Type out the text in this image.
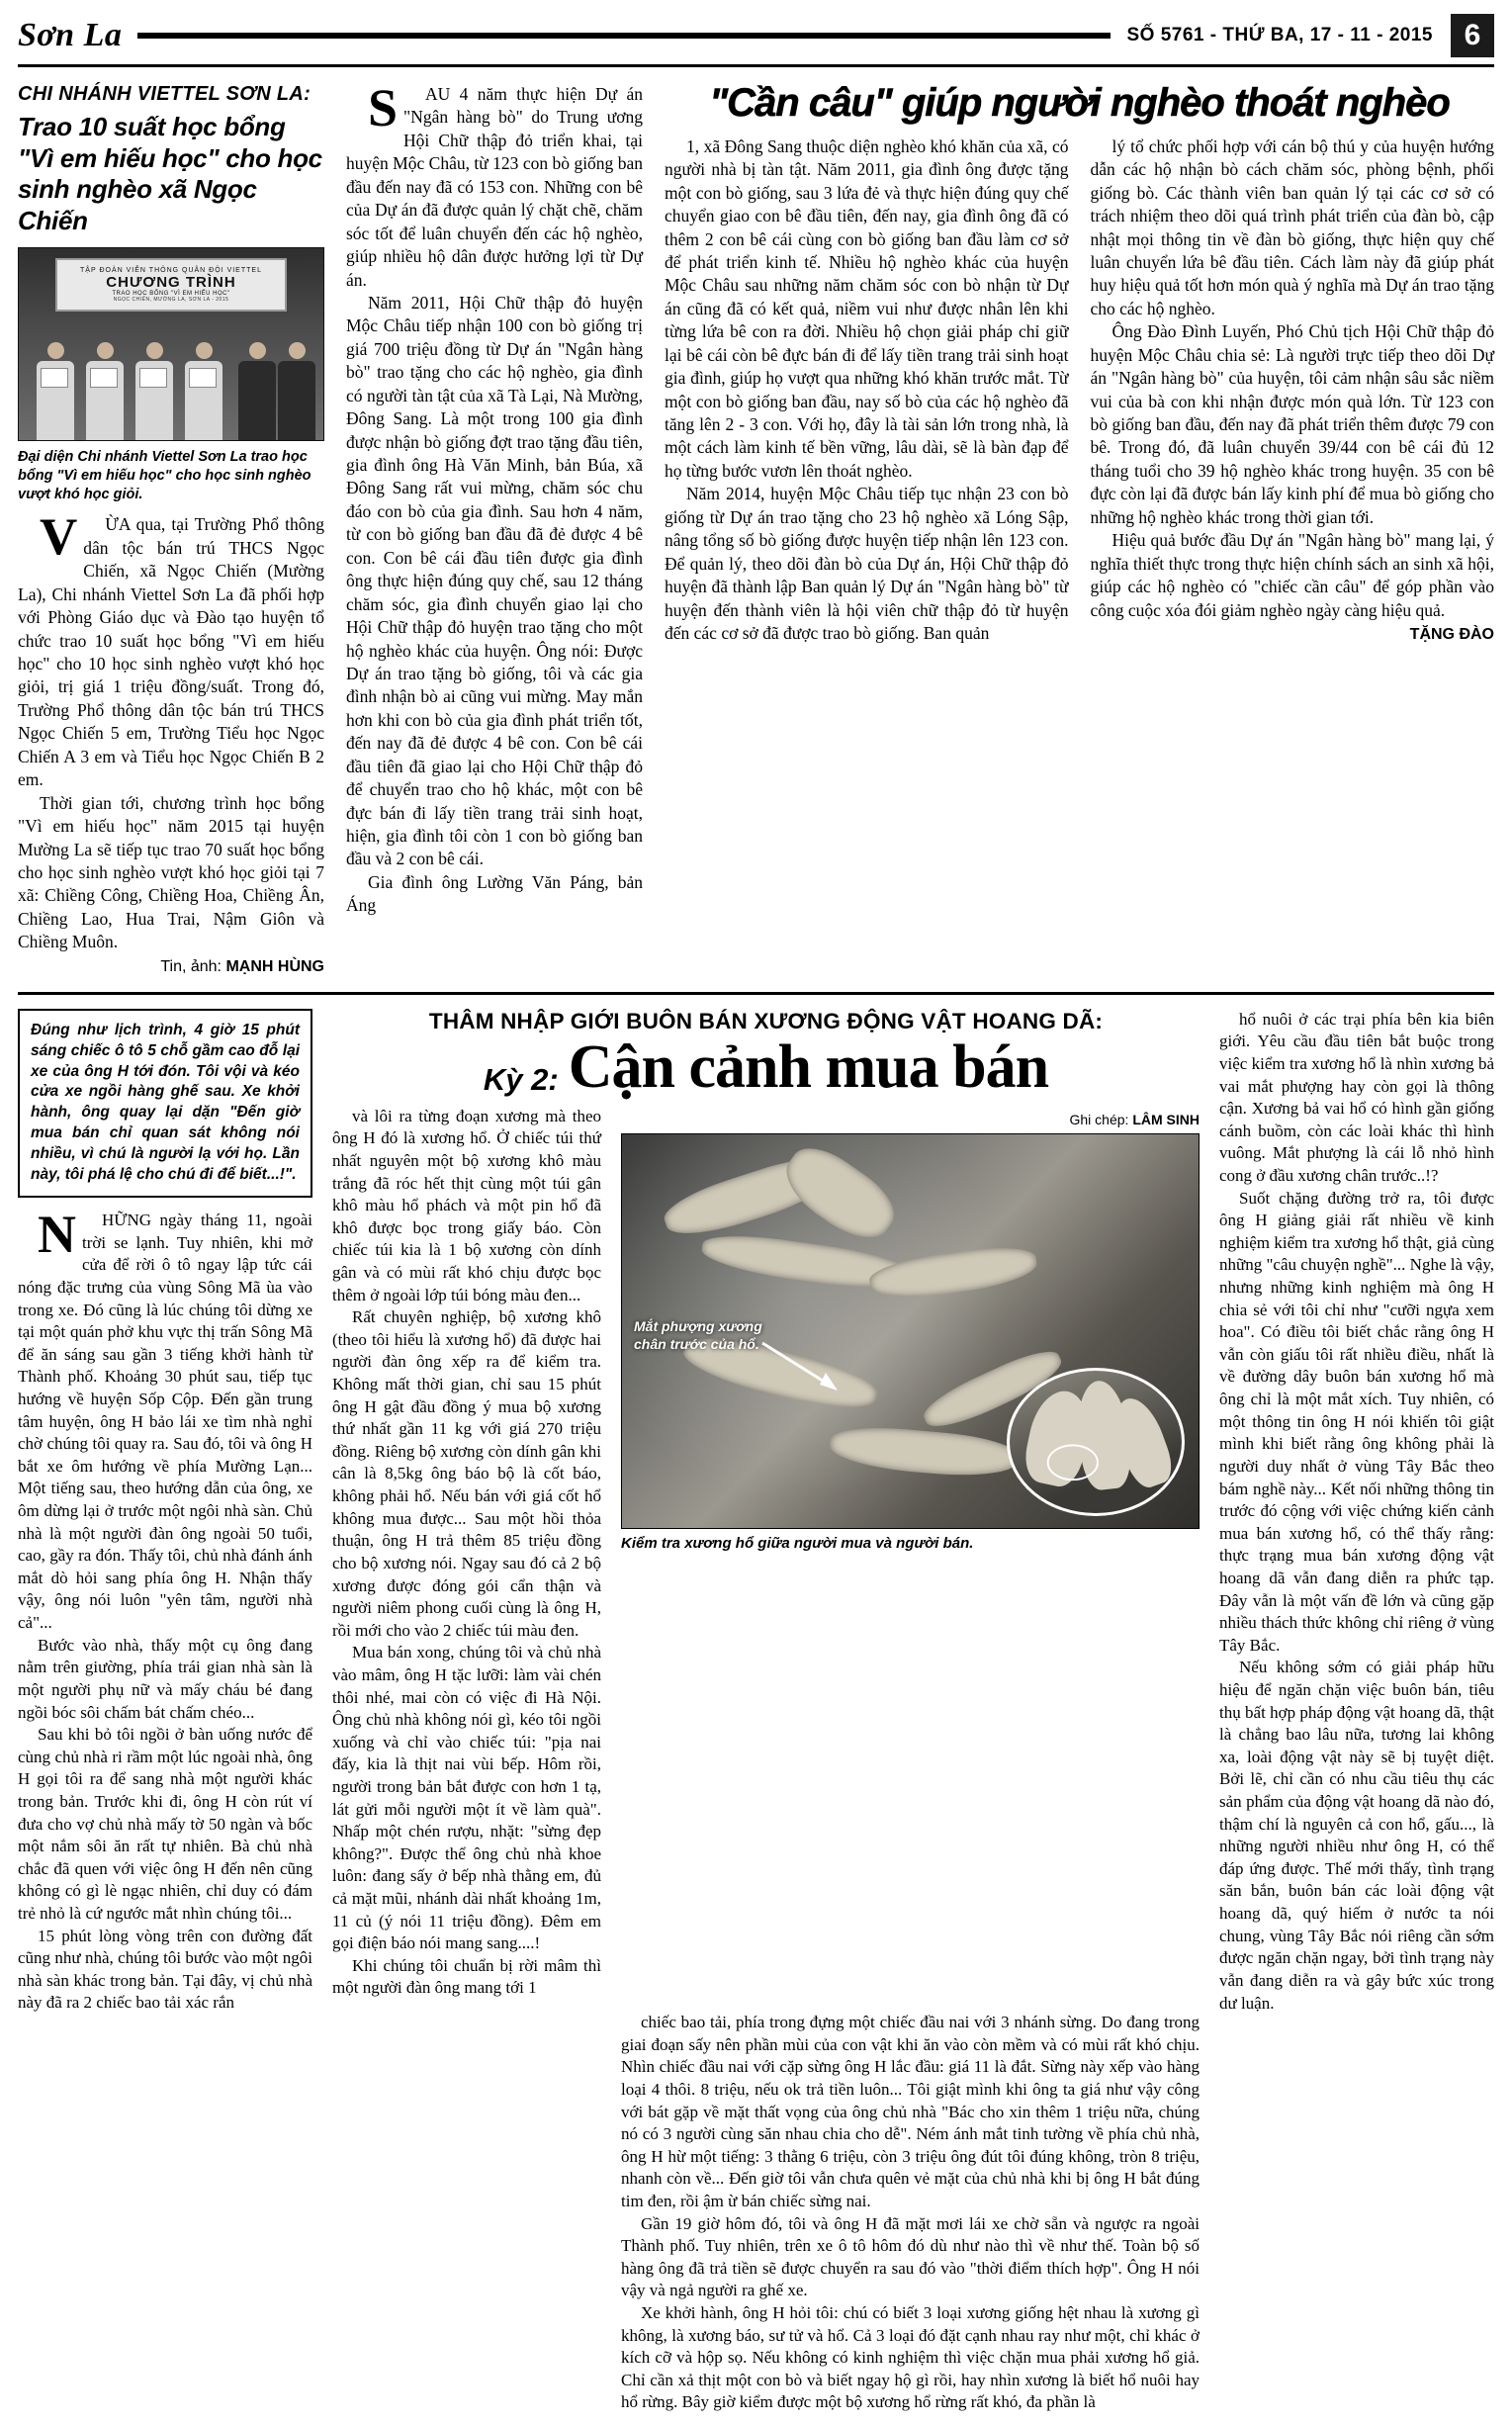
Sơn La	SỐ 5761 - THỨ BA, 17 - 11 - 2015	6
CHI NHÁNH VIETTEL SƠN LA:
Trao 10 suất học bổng "Vì em hiếu học" cho học sinh nghèo xã Ngọc Chiến
TẬP ĐOÀN VIỄN THÔNG QUÂN ĐỘI VIETTEL
CHƯƠNG TRÌNH
TRAO HỌC BỔNG "VÌ EM HIẾU HỌC"
NGỌC CHIẾN, MƯỜNG LA, SƠN LA - 2015
Đại diện Chi nhánh Viettel Sơn La trao học bổng "Vì em hiếu học" cho học sinh nghèo vượt khó học giỏi.

V	ỪA qua, tại Trường Phổ thông dân tộc bán trú THCS Ngọc Chiến, xã Ngọc Chiến (Mường La), Chi nhánh Viettel Sơn La đã phối hợp với Phòng Giáo dục và Đào tạo huyện tổ chức trao 10 suất học bổng "Vì em hiếu học" cho 10 học sinh nghèo vượt khó học giỏi, trị giá 1 triệu đồng/suất. Trong đó, Trường Phổ thông dân tộc bán trú THCS Ngọc Chiến 5 em, Trường Tiểu học Ngọc Chiến A 3 em và Tiểu học Ngọc Chiến B 2 em.

Thời gian tới, chương trình học bổng "Vì em hiếu học" năm 2015 tại huyện Mường La sẽ tiếp tục trao 70 suất học bổng cho học sinh nghèo vượt khó học giỏi tại 7 xã: Chiềng Công, Chiềng Hoa, Chiềng Ân, Chiềng Lao, Hua Trai, Nậm Giôn và Chiềng Muôn.

Tin, ảnh: MẠNH HÙNG

S	AU 4 năm thực hiện Dự án "Ngân hàng bò" do Trung ương Hội Chữ thập đỏ triển khai, tại huyện Mộc Châu, từ 123 con bò giống ban đầu đến nay đã có 153 con. Những con bê của Dự án đã được quản lý chặt chẽ, chăm sóc tốt để luân chuyển đến các hộ nghèo, giúp nhiều hộ dân được hưởng lợi từ Dự án.

Năm 2011, Hội Chữ thập đỏ huyện Mộc Châu tiếp nhận 100 con bò giống trị giá 700 triệu đồng từ Dự án "Ngân hàng bò" trao tặng cho các hộ nghèo, gia đình có người tàn tật của xã Tà Lại, Nà Mường, Đông Sang. Là một trong 100 gia đình được nhận bò giống đợt trao tặng đầu tiên, gia đình ông Hà Văn Minh, bản Búa, xã Đông Sang rất vui mừng, chăm sóc chu đáo con bò của gia đình. Sau hơn 4 năm, từ con bò giống ban đầu đã đẻ được 4 bê con. Con bê cái đầu tiên được gia đình ông thực hiện đúng quy chế, sau 12 tháng chăm sóc, gia đình chuyển giao lại cho Hội Chữ thập đỏ huyện trao tặng cho một hộ nghèo khác của huyện. Ông nói: Được Dự án trao tặng bò giống, tôi và các gia đình nhận bò ai cũng vui mừng. May mắn hơn khi con bò của gia đình phát triển tốt, đến nay đã đẻ được 4 bê con. Con bê cái đầu tiên đã giao lại cho Hội Chữ thập đỏ để chuyển trao cho hộ khác, một con bê đực bán đi lấy tiền trang trải sinh hoạt, hiện, gia đình tôi còn 1 con bò giống ban đầu và 2 con bê cái.

Gia đình ông Lường Văn Páng, bản Áng

"Cần câu" giúp người nghèo thoát nghèo

1, xã Đông Sang thuộc diện nghèo khó khăn của xã, có người nhà bị tàn tật. Năm 2011, gia đình ông được tặng một con bò giống, sau 3 lứa đẻ và thực hiện đúng quy chế chuyển giao con bê đầu tiên, đến nay, gia đình ông đã có thêm 2 con bê cái cùng con bò giống ban đầu làm cơ sở để phát triển kinh tế. Nhiều hộ nghèo khác của huyện Mộc Châu sau những năm chăm sóc con bò nhận từ Dự án cũng đã có kết quả, niềm vui như được nhân lên khi từng lứa bê con ra đời. Nhiều hộ chọn giải pháp chỉ giữ lại bê cái còn bê đực bán đi để lấy tiền trang trải sinh hoạt gia đình, giúp họ vượt qua những khó khăn trước mắt. Từ một con bò giống ban đầu, nay số bò của các hộ nghèo đã tăng lên 2 - 3 con. Với họ, đây là tài sản lớn trong nhà, là một cách làm kinh tế bền vững, lâu dài, sẽ là bàn đạp để họ từng bước vươn lên thoát nghèo.

Năm 2014, huyện Mộc Châu tiếp tục nhận 23 con bò giống từ Dự án trao tặng cho 23 hộ nghèo xã Lóng Sập, nâng tổng số bò giống được huyện tiếp nhận lên 123 con. Để quản lý, theo dõi đàn bò của Dự án, Hội Chữ thập đỏ huyện đã thành lập Ban quản lý Dự án "Ngân hàng bò" từ huyện đến thành viên là hội viên chữ thập đỏ từ huyện đến các cơ sở đã được trao bò giống. Ban quản

lý tổ chức phối hợp với cán bộ thú y của huyện hướng dẫn các hộ nhận bò cách chăm sóc, phòng bệnh, phối giống bò. Các thành viên ban quản lý tại các cơ sở có trách nhiệm theo dõi quá trình phát triển của đàn bò, cập nhật mọi thông tin về đàn bò giống, thực hiện quy chế luân chuyển lứa bê đầu tiên. Cách làm này đã giúp phát huy hiệu quả tốt hơn món quà ý nghĩa mà Dự án trao tặng cho các hộ nghèo.

Ông Đào Đình Luyến, Phó Chủ tịch Hội Chữ thập đỏ huyện Mộc Châu chia sẻ: Là người trực tiếp theo dõi Dự án "Ngân hàng bò" của huyện, tôi cảm nhận sâu sắc niềm vui của bà con khi nhận được món quà lớn. Từ 123 con bò giống ban đầu, đến nay đã phát triển thêm được 79 con bê. Trong đó, đã luân chuyển 39/44 con bê cái đủ 12 tháng tuổi cho 39 hộ nghèo khác trong huyện. 35 con bê đực còn lại đã được bán lấy kinh phí để mua bò giống cho những hộ nghèo khác trong thời gian tới.

Hiệu quả bước đầu Dự án "Ngân hàng bò" mang lại, ý nghĩa thiết thực trong thực hiện chính sách an sinh xã hội, giúp các hộ nghèo có "chiếc cần câu" để góp phần vào công cuộc xóa đói giảm nghèo ngày càng hiệu quả.

TẶNG ĐÀO
Đúng như lịch trình, 4 giờ 15 phút sáng chiếc ô tô 5 chỗ gầm cao đỗ lại xe của ông H tới đón. Tôi vội và kéo cửa xe ngồi hàng ghế sau. Xe khởi hành, ông quay lại dặn "Đến giờ mua bán chỉ quan sát không nói nhiều, vì chú là người lạ với họ. Lần này, tôi phá lệ cho chú đi để biết...!".

N	HỮNG ngày tháng 11, ngoài trời se lạnh. Tuy nhiên, khi mở cửa để rời ô tô ngay lập tức cái nóng đặc trưng của vùng Sông Mã ùa vào trong xe. Đó cũng là lúc chúng tôi dừng xe tại một quán phở khu vực thị trấn Sông Mã để ăn sáng sau gần 3 tiếng khởi hành từ Thành phố. Khoảng 30 phút sau, tiếp tục hướng về huyện Sốp Cộp. Đến gần trung tâm huyện, ông H bảo lái xe tìm nhà nghỉ chờ chúng tôi quay ra. Sau đó, tôi và ông H bắt xe ôm hướng về phía Mường Lạn... Một tiếng sau, theo hướng dẫn của ông, xe ôm dừng lại ở trước một ngôi nhà sàn. Chủ nhà là một người đàn ông ngoài 50 tuổi, cao, gầy ra đón. Thấy tôi, chủ nhà đánh ánh mắt dò hỏi sang phía ông H. Nhận thấy vậy, ông nói luôn "yên tâm, người nhà cả"...

Bước vào nhà, thấy một cụ ông đang nằm trên giường, phía trái gian nhà sàn là một người phụ nữ và mấy cháu bé đang ngồi bóc sôi chấm bát chấm chéo...

Sau khi bỏ tôi ngồi ở bàn uống nước để cùng chủ nhà ri rầm một lúc ngoài nhà, ông H gọi tôi ra để sang nhà một người khác trong bản. Trước khi đi, ông H còn rút ví đưa cho vợ chủ nhà mấy tờ 50 ngàn và bốc một nắm sôi ăn rất tự nhiên. Bà chủ nhà chắc đã quen với việc ông H đến nên cũng không có gì lè ngạc nhiên, chỉ duy có đám trẻ nhỏ là cứ ngước mắt nhìn chúng tôi...

15 phút lòng vòng trên con đường đất cũng như nhà, chúng tôi bước vào một ngôi nhà sàn khác trong bản. Tại đây, vị chủ nhà này đã ra 2 chiếc bao tải xác rắn

THÂM NHẬP GIỚI BUÔN BÁN XƯƠNG ĐỘNG VẬT HOANG DÃ:
Kỳ 2: Cận cảnh mua bán

và lôi ra từng đoạn xương mà theo ông H đó là xương hổ. Ở chiếc túi thứ nhất nguyên một bộ xương khô màu trắng đã róc hết thịt cùng một túi gân khô màu hổ phách và một pin hổ đã khô được bọc trong giấy báo. Còn chiếc túi kia là 1 bộ xương còn dính gân và có mùi rất khó chịu được bọc thêm ở ngoài lớp túi bóng màu đen...

Rất chuyên nghiệp, bộ xương khô (theo tôi hiểu là xương hổ) đã được hai người đàn ông xếp ra để kiểm tra. Không mất thời gian, chỉ sau 15 phút ông H gật đầu đồng ý mua bộ xương thứ nhất gần 11 kg với giá 270 triệu đồng. Riêng bộ xương còn dính gân khi cân là 8,5kg ông báo bộ là cốt báo, không phải hổ. Nếu bán với giá cốt hổ không mua được... Sau một hồi thỏa thuận, ông H trả thêm 85 triệu đồng cho bộ xương nói. Ngay sau đó cả 2 bộ xương được đóng gói cẩn thận và người niêm phong cuối cùng là ông H, rồi mới cho vào 2 chiếc túi màu đen.

Mua bán xong, chúng tôi và chủ nhà vào mâm, ông H tặc lưỡi: làm vài chén thôi nhé, mai còn có việc đi Hà Nội. Ông chủ nhà không nói gì, kéo tôi ngồi xuống và chỉ vào chiếc túi: "pịa nai đấy, kia là thịt nai vùi bếp. Hôm rồi, người trong bản bắt được con hơn 1 tạ, lát gửi mỗi người một ít về làm quà". Nhấp một chén rượu, nhặt: "sừng đẹp không?". Được thể ông chủ nhà khoe luôn: đang sấy ở bếp nhà thằng em, đủ cả mặt mũi, nhánh dài nhất khoảng 1m, 11 củ (ý nói 11 triệu đồng). Đêm em gọi điện báo nói mang sang....!

Khi chúng tôi chuẩn bị rời mâm thì một người đàn ông mang tới 1

Ghi chép: LÂM SINH
Mắt phượng xương chân trước của hổ.
Kiểm tra xương hổ giữa người mua và người bán.

chiếc bao tải, phía trong đựng một chiếc đầu nai với 3 nhánh sừng. Do đang trong giai đoạn sấy nên phần mùi của con vật khi ăn vào còn mềm và có mùi rất khó chịu. Nhìn chiếc đầu nai với cặp sừng ông H lắc đầu: giá 11 là đắt. Sừng này xếp vào hàng loại 4 thôi. 8 triệu, nếu ok trả tiền luôn... Tôi giật mình khi ông ta giá như vậy công với bát gặp về mặt thất vọng của ông chủ nhà "Bác cho xin thêm 1 triệu nữa, chúng nó có 3 người cùng săn nhau chia cho dễ". Ném ánh mắt tinh tường về phía chủ nhà, ông H hừ một tiếng: 3 thằng 6 triệu, còn 3 triệu ông đút tôi đúng không, tròn 8 triệu, nhanh còn về... Đến giờ tôi vẫn chưa quên vẻ mặt của chủ nhà khi bị ông H bắt đúng tim đen, rồi ậm ừ bán chiếc sừng nai.

Gần 19 giờ hôm đó, tôi và ông H đã mặt mơi lái xe chờ sẵn và ngược ra ngoài Thành phố. Tuy nhiên, trên xe ô tô hôm đó dù như nào thì về như thế. Toàn bộ số hàng ông đã trả tiền sẽ được chuyển ra sau đó vào "thời điểm thích hợp". Ông H nói vậy và ngả người ra ghế xe.

Xe khởi hành, ông H hỏi tôi: chú có biết 3 loại xương giống hệt nhau là xương gì không, là xương báo, sư tử và hổ. Cả 3 loại đó đặt cạnh nhau ray như một, chỉ khác ở kích cỡ và hộp sọ. Nếu không có kinh nghiệm thì việc chặn mua phải xương hổ giả. Chỉ cần xả thịt một con bò và biết ngay hộ gì rồi, hay nhìn xương là biết hổ nuôi hay hổ rừng. Bây giờ kiểm được một bộ xương hổ rừng rất khó, đa phần là

hổ nuôi ở các trại phía bên kia biên giới. Yêu cầu đầu tiên bắt buộc trong việc kiểm tra xương hổ là nhìn xương bả vai mắt phượng hay còn gọi là thông cận. Xương bả vai hổ có hình gần giống cánh buồm, còn các loài khác thì hình vuông. Mắt phượng là cái lỗ nhỏ hình cong ở đầu xương chân trước..!?

Suốt chặng đường trở ra, tôi được ông H giảng giải rất nhiều về kinh nghiệm kiểm tra xương hổ thật, giả cùng những "câu chuyện nghề"... Nghe là vậy, nhưng những kinh nghiệm mà ông H chia sẻ với tôi chỉ như "cưỡi ngựa xem hoa". Có điều tôi biết chắc rằng ông H vẫn còn giấu tôi rất nhiều điều, nhất là về đường dây buôn bán xương hổ mà ông chỉ là một mắt xích. Tuy nhiên, có một thông tin ông H nói khiến tôi giật mình khi biết rằng ông không phải là người duy nhất ở vùng Tây Bắc theo bám nghề này... Kết nối những thông tin trước đó cộng với việc chứng kiến cảnh mua bán xương hổ, có thể thấy rằng: thực trạng mua bán xương động vật hoang dã vẫn đang diễn ra phức tạp. Đây vẫn là một vấn đề lớn và cũng gặp nhiều thách thức không chỉ riêng ở vùng Tây Bắc.

Nếu không sớm có giải pháp hữu hiệu để ngăn chặn việc buôn bán, tiêu thụ bất hợp pháp động vật hoang dã, thật là chẳng bao lâu nữa, tương lai không xa, loài động vật này sẽ bị tuyệt diệt. Bởi lẽ, chỉ cần có nhu cầu tiêu thụ các sản phẩm của động vật hoang dã nào đó, thậm chí là nguyên cả con hổ, gấu..., là những người nhiều như ông H, có thể đáp ứng được. Thế mới thấy, tình trạng săn bắn, buôn bán các loài động vật hoang dã, quý hiếm ở nước ta nói chung, vùng Tây Bắc nói riêng cần sớm được ngăn chặn ngay, bởi tình trạng này vẫn đang diễn ra và gây bức xúc trong dư luận.
